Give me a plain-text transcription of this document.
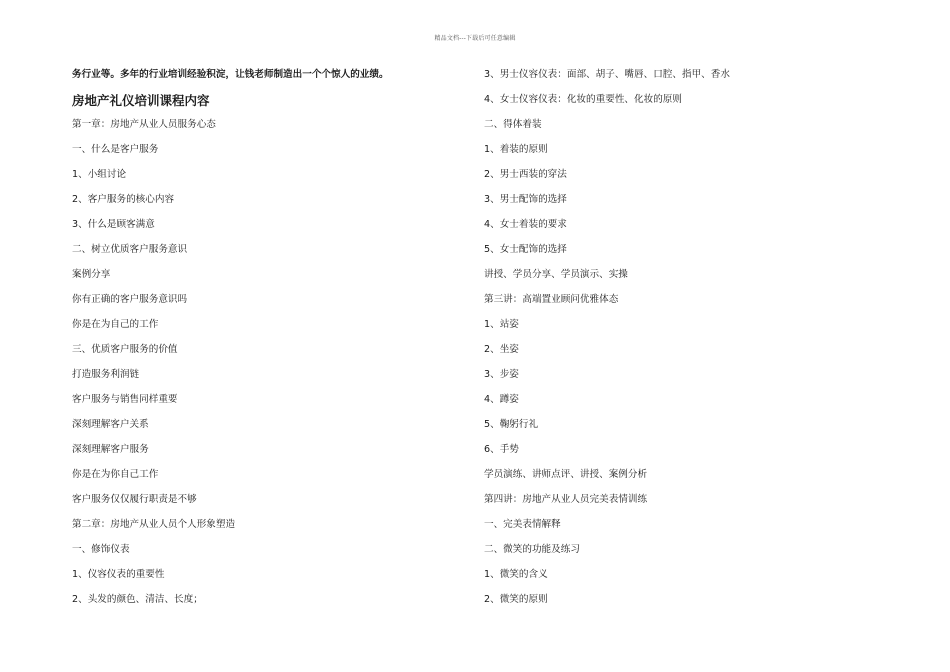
精品文档---下载后可任意编辑
务行业等。多年的行业培训经验积淀，让钱老师制造出一个个惊人的业绩。
房地产礼仪培训课程内容
第一章：房地产从业人员服务心态
一、什么是客户服务
1、小组讨论
2、客户服务的核心内容
3、什么是顾客满意
二、树立优质客户服务意识
案例分享
你有正确的客户服务意识吗
你是在为自己的工作
三、优质客户服务的价值
打造服务利润链
客户服务与销售同样重要
深刻理解客户关系
深刻理解客户服务
你是在为你自己工作
客户服务仅仅履行职责是不够
第二章：房地产从业人员个人形象塑造
一、修饰仪表
1、仪容仪表的重要性
2、头发的颜色、清洁、长度；
3、男士仪容仪表：面部、胡子、嘴唇、口腔、指甲、香水
4、女士仪容仪表：化妆的重要性、化妆的原则
二、得体着装
1、着装的原则
2、男士西装的穿法
3、男士配饰的选择
4、女士着装的要求
5、女士配饰的选择
讲授、学员分享、学员演示、实操
第三讲：高端置业顾问优雅体态
1、站姿
2、坐姿
3、步姿
4、蹲姿
5、鞠躬行礼
6、手势
学员演练、讲师点评、讲授、案例分析
第四讲：房地产从业人员完美表情训练
一、完美表情解释
二、微笑的功能及练习
1、微笑的含义
2、微笑的原则
